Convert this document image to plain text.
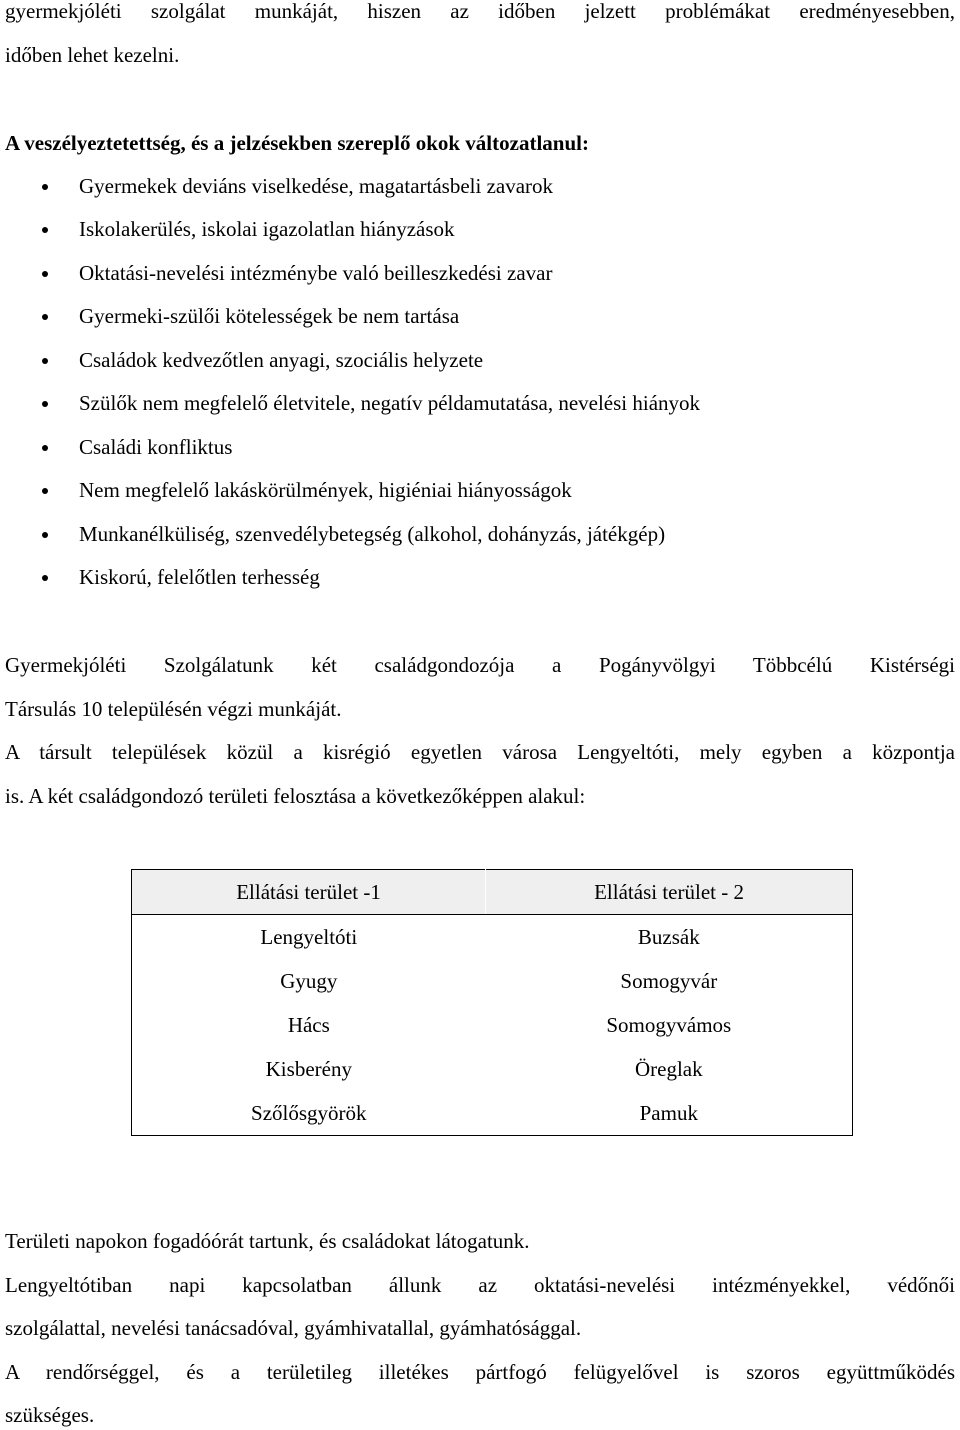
gyermekjóléti szolgálat munkáját, hiszen az időben jelzett problémákat eredményesebben,
időben lehet kezelni.
A veszélyeztetettség, és a jelzésekben szereplő okok változatlanul:
Gyermekek deviáns viselkedése, magatartásbeli zavarok
Iskolakerülés, iskolai igazolatlan hiányzások
Oktatási-nevelési intézménybe való beilleszkedési zavar
Gyermeki-szülői kötelességek be nem tartása
Családok kedvezőtlen anyagi, szociális helyzete
Szülők nem megfelelő életvitele, negatív példamutatása, nevelési hiányok
Családi konfliktus
Nem megfelelő lakáskörülmények, higiéniai hiányosságok
Munkanélküliség, szenvedélybetegség (alkohol, dohányzás, játékgép)
Kiskorú, felelőtlen terhesség
Gyermekjóléti Szolgálatunk két családgondozója a Pogányvölgyi Többcélú Kistérségi
Társulás 10 településén végzi munkáját.
A társult települések közül a kisrégió egyetlen városa Lengyeltóti, mely egyben a központja
is. A két családgondozó területi felosztása a következőképpen alakul:
Ellátási terület -1	Ellátási terület - 2
Lengyeltóti	Buzsák
Gyugy	Somogyvár
Hács	Somogyvámos
Kisberény	Öreglak
Szőlősgyörök	Pamuk
Területi napokon fogadóórát tartunk, és családokat látogatunk.
Lengyeltótiban napi kapcsolatban állunk az oktatási-nevelési intézményekkel, védőnői
szolgálattal, nevelési tanácsadóval, gyámhivatallal, gyámhatósággal.
A rendőrséggel, és a területileg illetékes pártfogó felügyelővel is szoros együttműködés
szükséges.
